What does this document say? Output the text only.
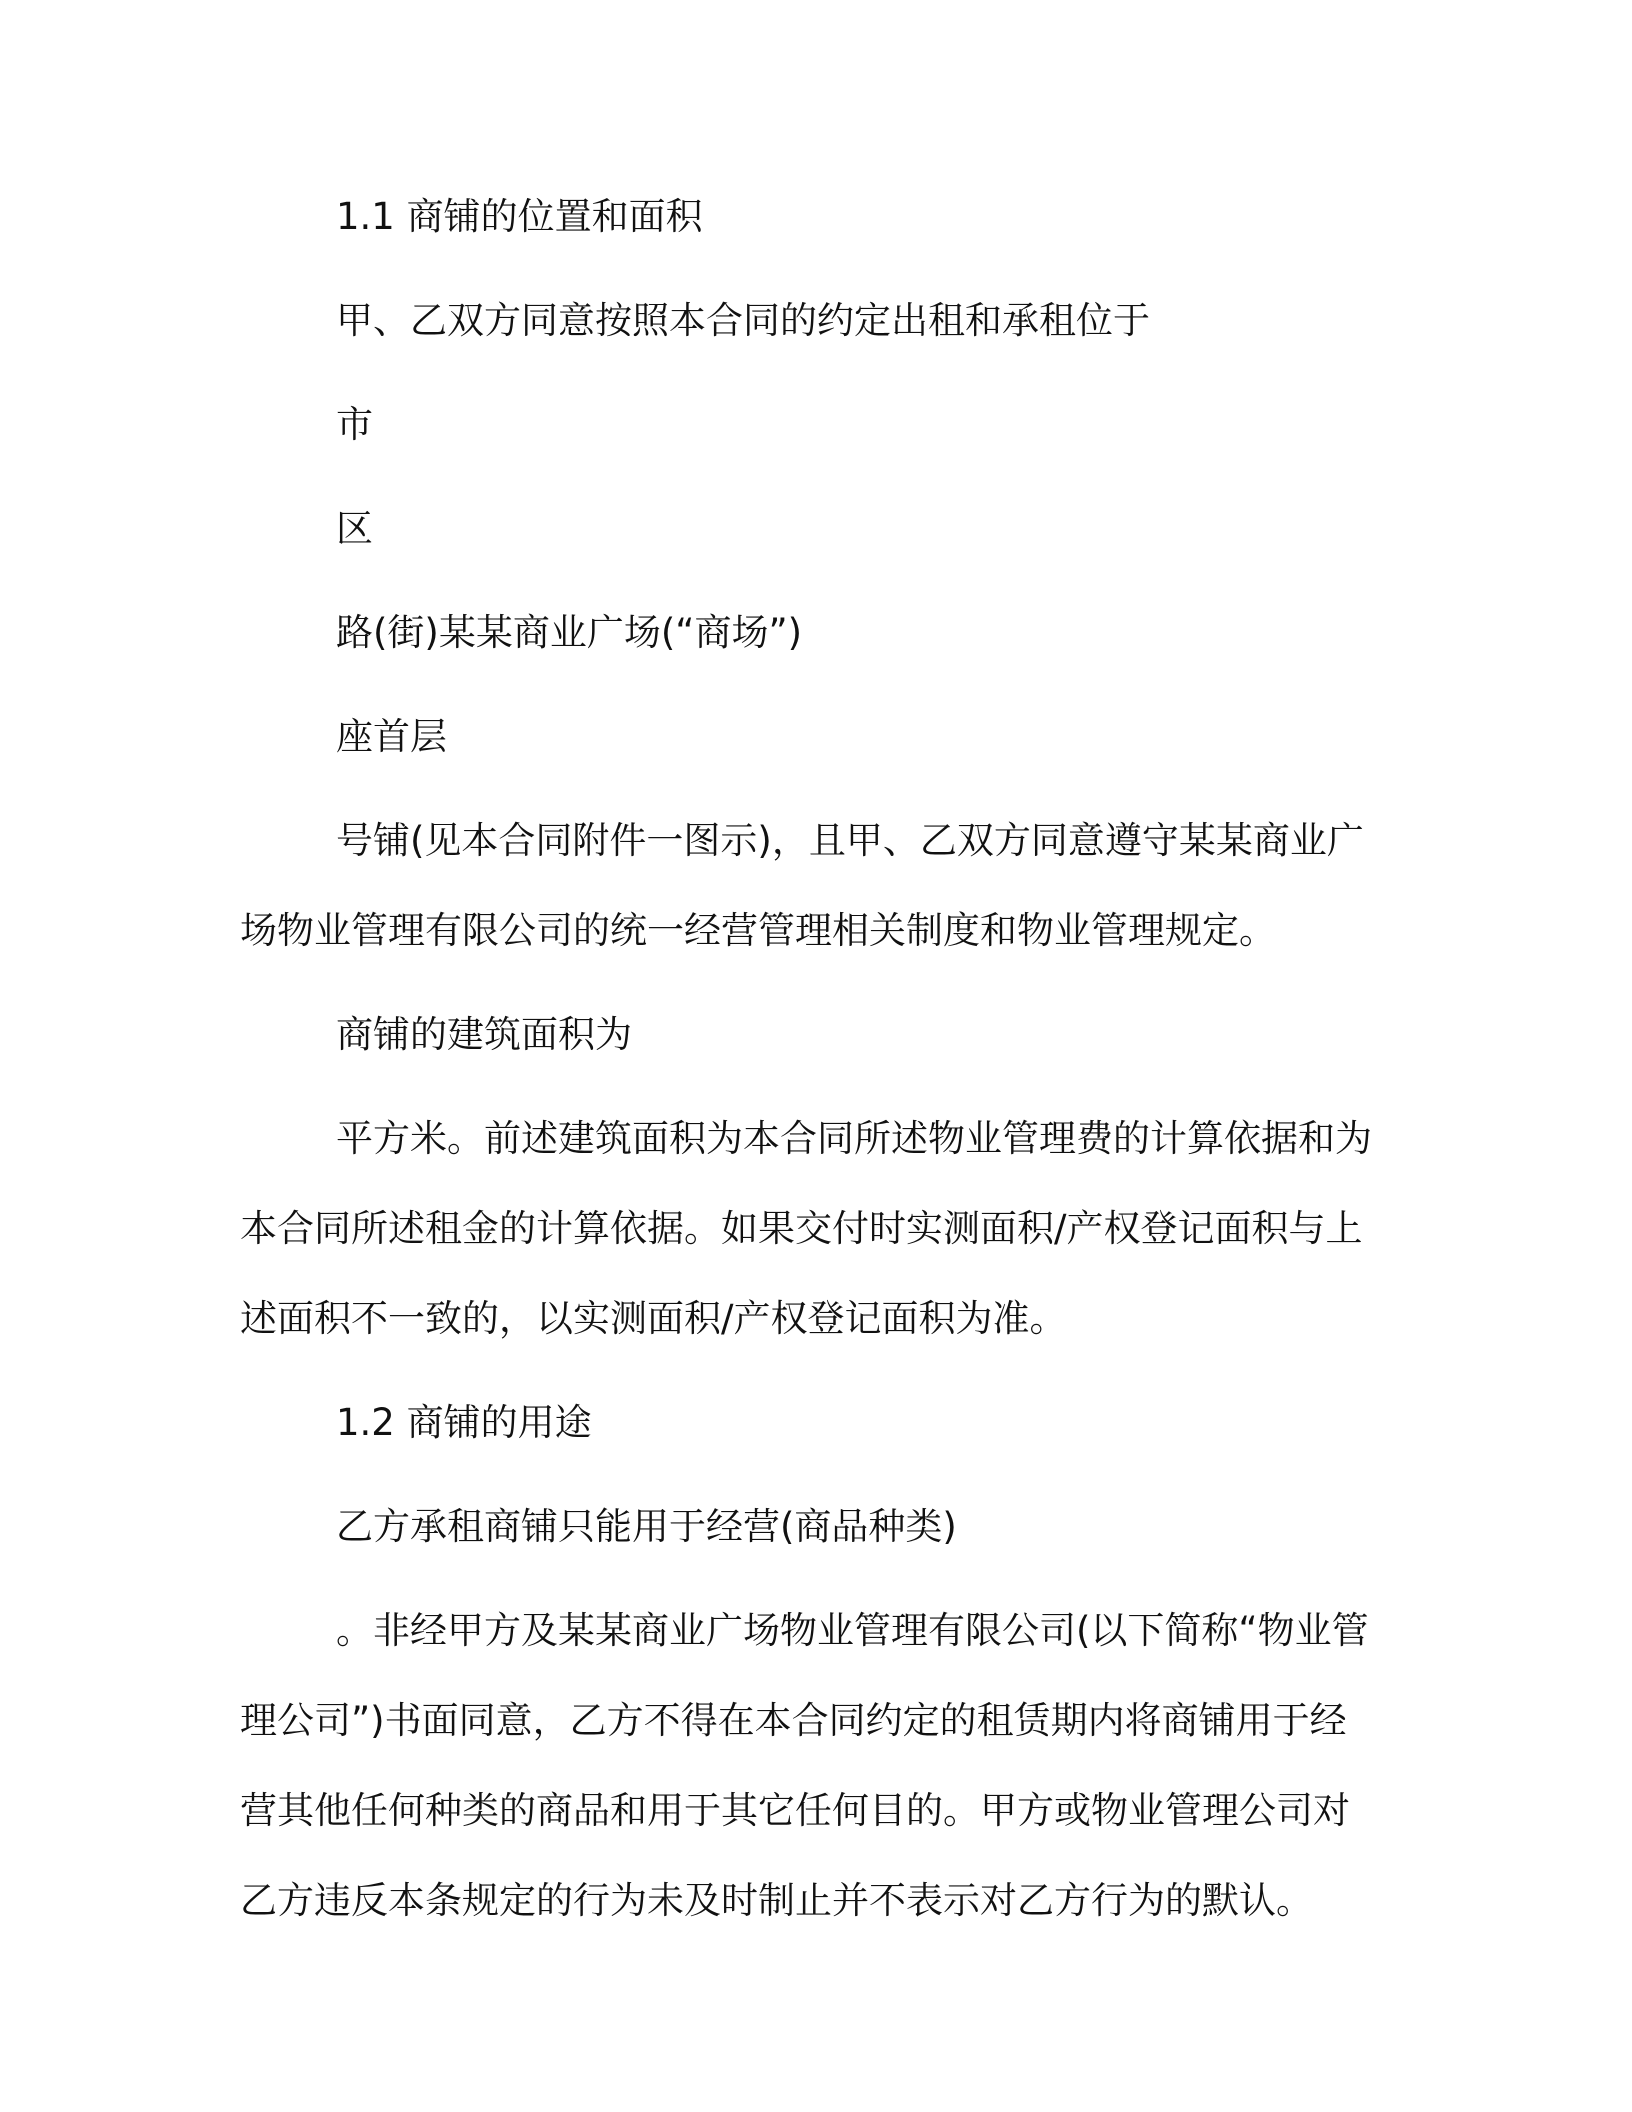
1.1 商铺的位置和面积

甲、乙双方同意按照本合同的约定出租和承租位于

市

区

路(街)某某商业广场(“商场”)

座首层

号铺(见本合同附件一图示)，且甲、乙双方同意遵守某某商业广场物业管理有限公司的统一经营管理相关制度和物业管理规定。

商铺的建筑面积为

平方米。前述建筑面积为本合同所述物业管理费的计算依据和为本合同所述租金的计算依据。如果交付时实测面积/产权登记面积与上述面积不一致的，以实测面积/产权登记面积为准。

1.2 商铺的用途

乙方承租商铺只能用于经营(商品种类)

。非经甲方及某某商业广场物业管理有限公司(以下简称“物业管理公司”)书面同意，乙方不得在本合同约定的租赁期内将商铺用于经营其他任何种类的商品和用于其它任何目的。甲方或物业管理公司对乙方违反本条规定的行为未及时制止并不表示对乙方行为的默认。
